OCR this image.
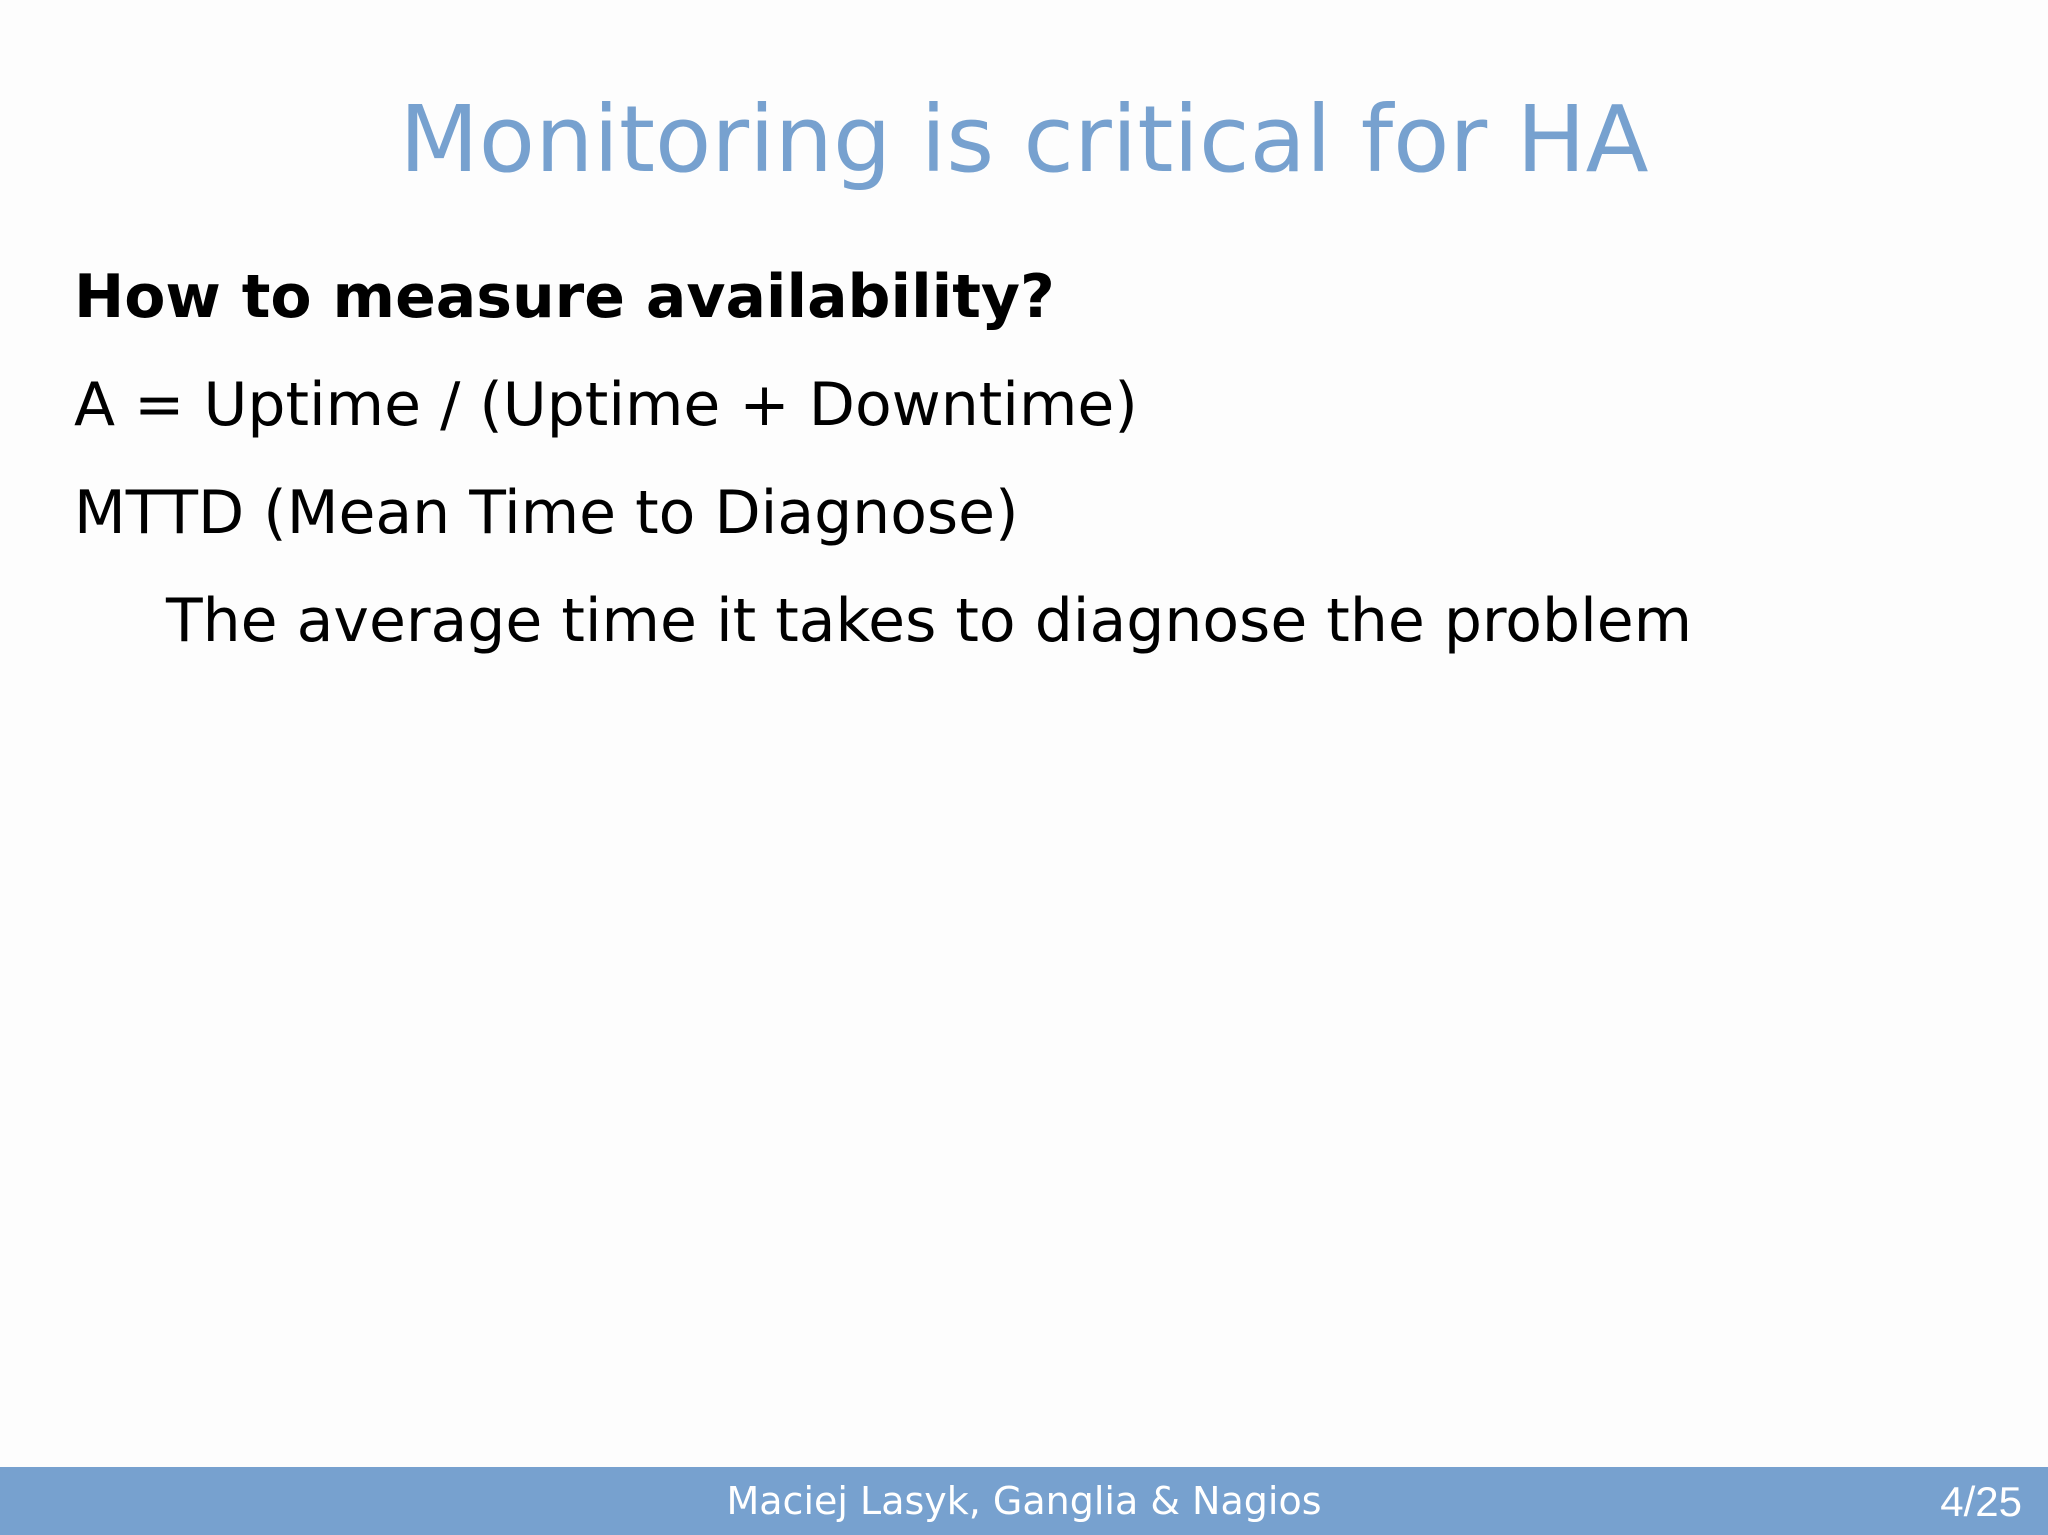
Monitoring is critical for HA
How to measure availability?
A = Uptime / (Uptime + Downtime)
MTTD (Mean Time to Diagnose)
The average time it takes to diagnose the problem
Maciej Lasyk, Ganglia & Nagios	4/25
